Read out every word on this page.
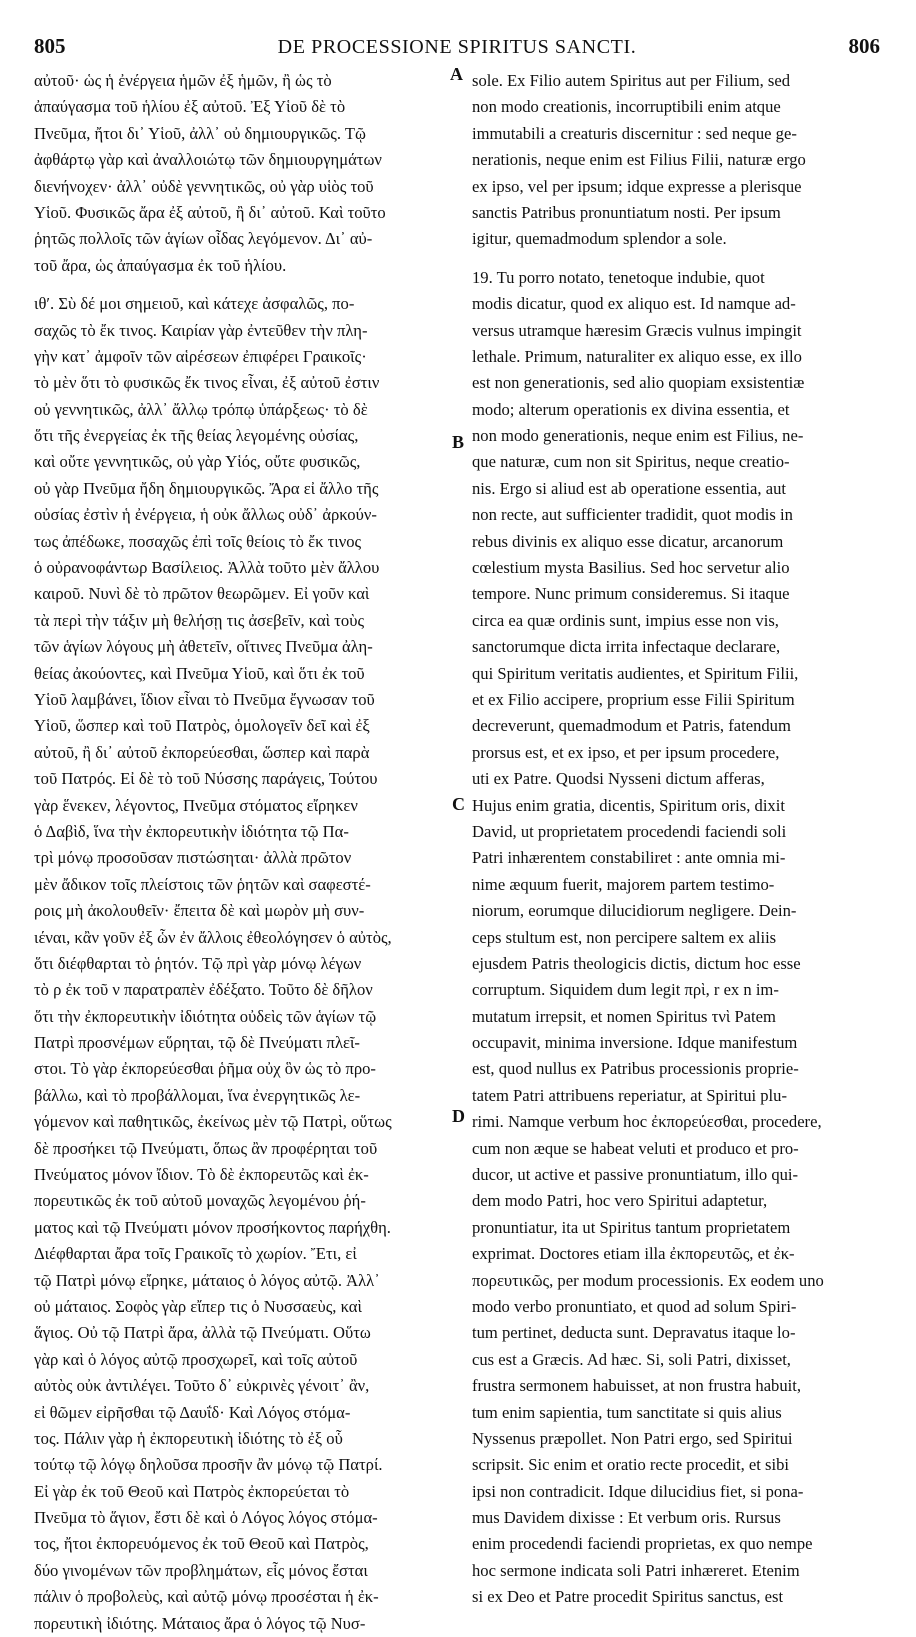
805	DE PROCESSIONE SPIRITUS SANCTI.	806
αὐτοῦ· ὡς ἡ ἐνέργεια ἡμῶν ἐξ ἡμῶν, ἢ ὡς τὸ
ἀπαύγασμα τοῦ ἡλίου ἐξ αὐτοῦ. Ἐξ Υἱοῦ δὲ τὸ
Πνεῦμα, ἤτοι δι᾽ Υἱοῦ, ἀλλ᾽ οὐ δημιουργικῶς. Τῷ
ἀφθάρτῳ γὰρ καὶ ἀναλλοιώτῳ τῶν δημιουργημάτων
διενήνοχεν· ἀλλ᾽ οὐδὲ γεννητικῶς, οὐ γὰρ υἱὸς τοῦ
Υἱοῦ. Φυσικῶς ἄρα ἐξ αὐτοῦ, ἢ δι᾽ αὐτοῦ. Καὶ τοῦτο
ῥητῶς πολλοῖς τῶν ἁγίων οἶδας λεγόμενον. Δι᾽ αὐ-
τοῦ ἄρα, ὡς ἀπαύγασμα ἐκ τοῦ ἡλίου.
ιθʹ. Σὺ δέ μοι σημειοῦ, καὶ κάτεχε ἀσφαλῶς, πο-
σαχῶς τὸ ἔκ τινος. Καιρίαν γὰρ ἐντεῦθεν τὴν πλη-
γὴν κατ᾽ ἀμφοῖν τῶν αἱρέσεων ἐπιφέρει Γραικοῖς·
τὸ μὲν ὅτι τὸ φυσικῶς ἔκ τινος εἶναι, ἐξ αὐτοῦ ἐστιν
οὐ γεννητικῶς, ἀλλ᾽ ἄλλῳ τρόπῳ ὑπάρξεως· τὸ δὲ
ὅτι τῆς ἐνεργείας ἐκ τῆς θείας λεγομένης οὐσίας,
καὶ οὔτε γεννητικῶς, οὐ γὰρ Υἱός, οὔτε φυσικῶς,
οὐ γὰρ Πνεῦμα ἤδη δημιουργικῶς. Ἄρα εἰ ἄλλο τῆς
οὐσίας ἐστὶν ἡ ἐνέργεια, ἡ οὐκ ἄλλως οὐδ᾽ ἀρκούν-
τως ἀπέδωκε, ποσαχῶς ἐπὶ τοῖς θείοις τὸ ἔκ τινος
ὁ οὐρανοφάντωρ Βασίλειος. Ἀλλὰ τοῦτο μὲν ἄλλου
καιροῦ. Νυνὶ δὲ τὸ πρῶτον θεωρῶμεν. Εἰ γοῦν καὶ
τὰ περὶ τὴν τάξιν μὴ θελήσῃ τις ἀσεβεῖν, καὶ τοὺς
τῶν ἁγίων λόγους μὴ ἀθετεῖν, οἵτινες Πνεῦμα ἀλη-
θείας ἀκούοντες, καὶ Πνεῦμα Υἱοῦ, καὶ ὅτι ἐκ τοῦ
Υἱοῦ λαμβάνει, ἴδιον εἶναι τὸ Πνεῦμα ἔγνωσαν τοῦ
Υἱοῦ, ὥσπερ καὶ τοῦ Πατρὸς, ὁμολογεῖν δεῖ καὶ ἐξ
αὐτοῦ, ἢ δι᾽ αὐτοῦ ἐκπορεύεσθαι, ὥσπερ καὶ παρὰ
τοῦ Πατρός. Εἰ δὲ τὸ τοῦ Νύσσης παράγεις, Τούτου
γὰρ ἕνεκεν, λέγοντος, Πνεῦμα στόματος εἴρηκεν
ὁ Δαβὶδ, ἵνα τὴν ἐκπορευτικὴν ἰδιότητα τῷ Πα-
τρὶ μόνῳ προσοῦσαν πιστώσηται· ἀλλὰ πρῶτον
μὲν ἄδικον τοῖς πλείστοις τῶν ῥητῶν καὶ σαφεστέ-
ροις μὴ ἀκολουθεῖν· ἔπειτα δὲ καὶ μωρὸν μὴ συν-
ιέναι, κἂν γοῦν ἐξ ὧν ἐν ἄλλοις ἐθεολόγησεν ὁ αὐτὸς,
ὅτι διέφθαρται τὸ ῥητόν. Τῷ πρὶ γὰρ μόνῳ λέγων
τὸ ρ ἐκ τοῦ ν παρατραπὲν ἐδέξατο. Τοῦτο δὲ δῆλον
ὅτι τὴν ἐκπορευτικὴν ἰδιότητα οὐδεὶς τῶν ἁγίων τῷ
Πατρὶ προσνέμων εὕρηται, τῷ δὲ Πνεύματι πλεῖ-
στοι. Τὸ γὰρ ἐκπορεύεσθαι ῥῆμα οὐχ ὃν ὡς τὸ προ-
βάλλω, καὶ τὸ προβάλλομαι, ἵνα ἐνεργητικῶς λε-
γόμενον καὶ παθητικῶς, ἐκείνως μὲν τῷ Πατρὶ, οὕτως
δὲ προσήκει τῷ Πνεύματι, ὅπως ἂν προφέρηται τοῦ
Πνεύματος μόνον ἴδιον. Τὸ δὲ ἐκπορευτῶς καὶ ἐκ-
πορευτικῶς ἐκ τοῦ αὐτοῦ μοναχῶς λεγομένου ῥή-
ματος καὶ τῷ Πνεύματι μόνον προσήκοντος παρήχθη.
Διέφθαρται ἄρα τοῖς Γραικοῖς τὸ χωρίον. Ἔτι, εἰ
τῷ Πατρὶ μόνῳ εἴρηκε, μάταιος ὁ λόγος αὐτῷ. Ἀλλ᾽
οὐ μάταιος. Σοφὸς γὰρ εἴπερ τις ὁ Νυσσαεὺς, καὶ
ἅγιος. Οὐ τῷ Πατρὶ ἄρα, ἀλλὰ τῷ Πνεύματι. Οὕτω
γὰρ καὶ ὁ λόγος αὐτῷ προσχωρεῖ, καὶ τοῖς αὐτοῦ
αὐτὸς οὐκ ἀντιλέγει. Τοῦτο δ᾽ εὐκρινὲς γένοιτ᾽ ἂν,
εἰ θῶμεν εἰρῆσθαι τῷ Δαυΐδ· Καὶ Λόγος στόμα-
τος. Πάλιν γὰρ ἡ ἐκπορευτικὴ ἰδιότης τὸ ἐξ οὗ
τούτῳ τῷ λόγῳ δηλοῦσα προσῆν ἂν μόνῳ τῷ Πατρί.
Εἰ γὰρ ἐκ τοῦ Θεοῦ καὶ Πατρὸς ἐκπορεύεται τὸ
Πνεῦμα τὸ ἅγιον, ἔστι δὲ καὶ ὁ Λόγος λόγος στόμα-
τος, ἤτοι ἐκπορευόμενος ἐκ τοῦ Θεοῦ καὶ Πατρὸς,
δύο γινομένων τῶν προβλημάτων, εἷς μόνος ἔσται
πάλιν ὁ προβολεὺς, καὶ αὐτῷ μόνῳ προσέσται ἡ ἐκ-
πορευτικὴ ἰδιότης. Μάταιος ἄρα ὁ λόγος τῷ Νυσ-
sole. Ex Filio autem Spiritus aut per Filium, sed
non modo creationis, incorruptibili enim atque
immutabili a creaturis discernitur : sed neque ge-
nerationis, neque enim est Filius Filii, naturæ ergo
ex ipso, vel per ipsum; idque expresse a plerisque
sanctis Patribus pronuntiatum nosti. Per ipsum
igitur, quemadmodum splendor a sole.
19. Tu porro notato, tenetoque indubie, quot
modis dicatur, quod ex aliquo est. Id namque ad-
versus utramque hæresim Græcis vulnus impingit
lethale. Primum, naturaliter ex aliquo esse, ex illo
est non generationis, sed alio quopiam exsistentiæ
modo; alterum operationis ex divina essentia, et
non modo generationis, neque enim est Filius, ne-
que naturæ, cum non sit Spiritus, neque creatio-
nis. Ergo si aliud est ab operatione essentia, aut
non recte, aut sufficienter tradidit, quot modis in
rebus divinis ex aliquo esse dicatur, arcanorum
cœlestium mysta Basilius. Sed hoc servetur alio
tempore. Nunc primum consideremus. Si itaque
circa ea quæ ordinis sunt, impius esse non vis,
sanctorumque dicta irrita infectaque declarare,
qui Spiritum veritatis audientes, et Spiritum Filii,
et ex Filio accipere, proprium esse Filii Spiritum
decreverunt, quemadmodum et Patris, fatendum
prorsus est, et ex ipso, et per ipsum procedere,
uti ex Patre. Quodsi Nysseni dictum afferas,
Hujus enim gratia, dicentis, Spiritum oris, dixit
David, ut proprietatem procedendi faciendi soli
Patri inhærentem constabiliret : ante omnia mi-
nime æquum fuerit, majorem partem testimo-
niorum, eorumque dilucidiorum negligere. Dein-
ceps stultum est, non percipere saltem ex aliis
ejusdem Patris theologicis dictis, dictum hoc esse
corruptum. Siquidem dum legit πρὶ, r ex n im-
mutatum irrepsit, et nomen Spiritus τνὶ Patem
occupavit, minima inversione. Idque manifestum
est, quod nullus ex Patribus processionis proprie-
tatem Patri attribuens reperiatur, at Spiritui plu-
rimi. Namque verbum hoc ἐκπορεύεσθαι, procedere,
cum non æque se habeat veluti et produco et pro-
ducor, ut active et passive pronuntiatum, illo qui-
dem modo Patri, hoc vero Spiritui adaptetur,
pronuntiatur, ita ut Spiritus tantum proprietatem
exprimat. Doctores etiam illa ἐκπορευτῶς, et ἐκ-
πορευτικῶς, per modum processionis. Ex eodem uno
modo verbo pronuntiato, et quod ad solum Spiri-
tum pertinet, deducta sunt. Depravatus itaque lo-
cus est a Græcis. Ad hæc. Si, soli Patri, dixisset,
frustra sermonem habuisset, at non frustra habuit,
tum enim sapientia, tum sanctitate si quis alius
Nyssenus præpollet. Non Patri ergo, sed Spiritui
scripsit. Sic enim et oratio recte procedit, et sibi
ipsi non contradicit. Idque dilucidius fiet, si pona-
mus Davidem dixisse : Et verbum oris. Rursus
enim procedendi faciendi proprietas, ex quo nempe
hoc sermone indicata soli Patri inhæreret. Etenim
si ex Deo et Patre procedit Spiritus sanctus, est
A
B
C
D
